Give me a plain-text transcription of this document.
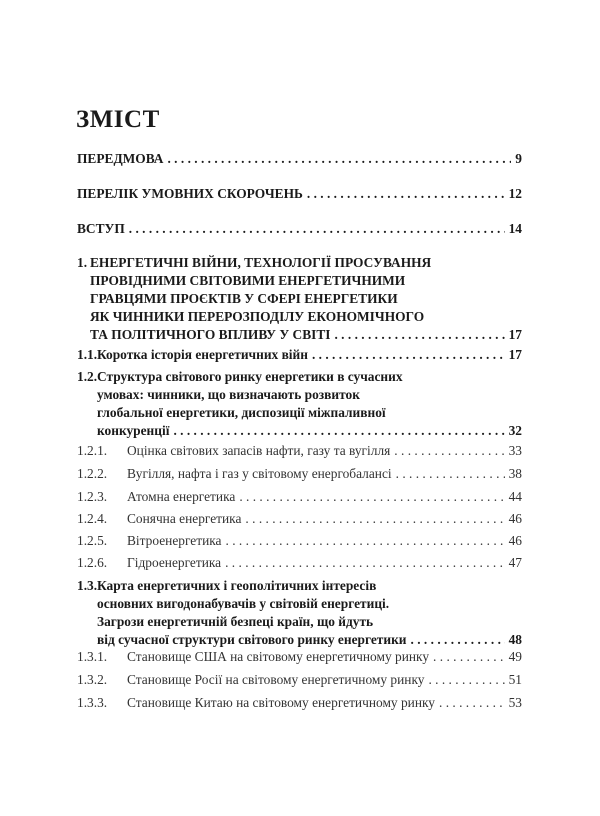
ЗМІСТ
ПЕРЕДМОВА . . .	9
ПЕРЕЛІК УМОВНИХ СКОРОЧЕНЬ . . .	12
ВСТУП . . .	14
1. ЕНЕРГЕТИЧНІ ВІЙНИ, ТЕХНОЛОГІЇ ПРОСУВАННЯ
ПРОВІДНИМИ СВІТОВИМИ ЕНЕРГЕТИЧНИМИ
ГРАВЦЯМИ ПРОЄКТІВ У СФЕРІ ЕНЕРГЕТИКИ
ЯК ЧИННИКИ ПЕРЕРОЗПОДІЛУ ЕКОНОМІЧНОГО
ТА ПОЛІТИЧНОГО ВПЛИВУ У СВІТІ . . .	17
1.1. Коротка історія енергетичних війн . . .	17
1.2. Структура світового ринку енергетики в сучасних
умовах: чинники, що визначають розвиток
глобальної енергетики, диспозиції міжпаливної
конкуренції . . .	32
1.2.1. Оцінка світових запасів нафти, газу та вугілля . . .	33
1.2.2. Вугілля, нафта і газ у світовому енергобалансі . . .	38
1.2.3. Атомна енергетика . . .	44
1.2.4. Сонячна енергетика . . .	46
1.2.5. Вітроенергетика . . .	46
1.2.6. Гідроенергетика . . .	47
1.3. Карта енергетичних і геополітичних інтересів
основних вигодонабувачів у світовій енергетиці.
Загрози енергетичній безпеці країн, що йдуть
від сучасної структури світового ринку енергетики . . .	48
1.3.1. Становище США на світовому енергетичному ринку . . .	49
1.3.2. Становище Росії на світовому енергетичному ринку . . .	51
1.3.3. Становище Китаю на світовому енергетичному ринку . . .	53
